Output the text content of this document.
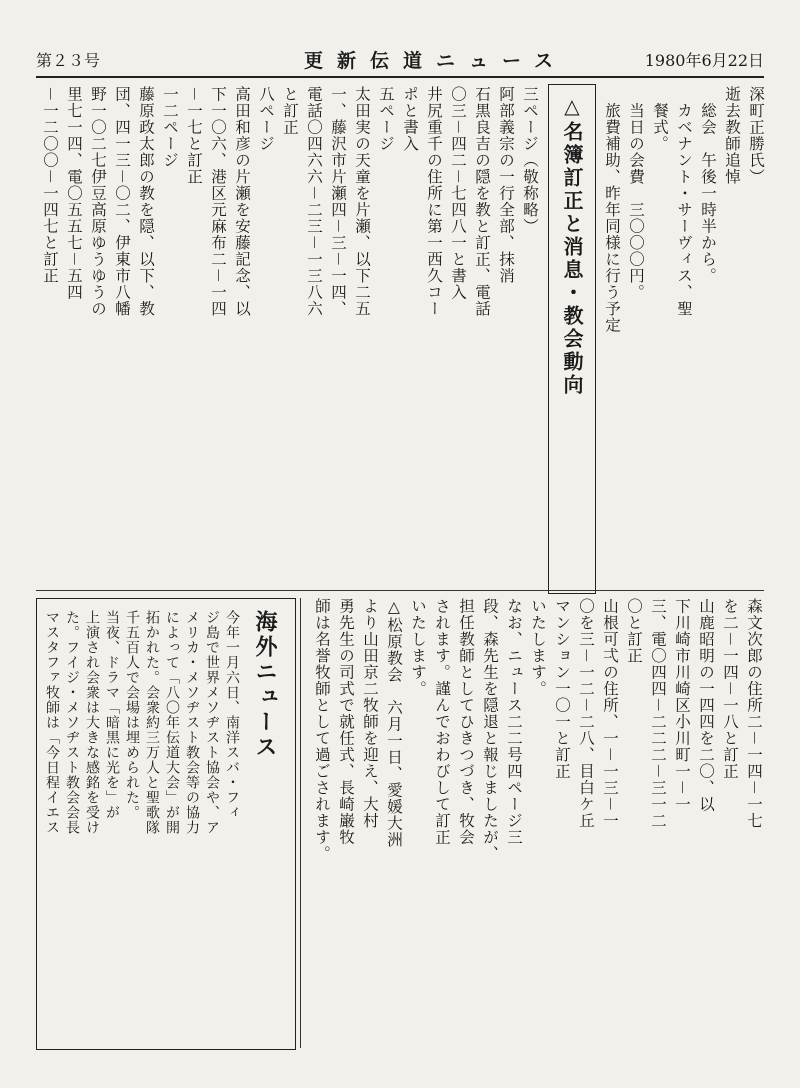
第２３号	更新伝道ニュース	1980年6月22日
深町正勝氏）
逝去教師追悼
　総会　午後一時半から。
　カベナント・サーヴィス、聖
　餐式。
　当日の会費　三〇〇〇円。
　旅費補助、昨年同様に行う予定
△名簿訂正と消息・教会動向

三ページ（敬称略）
阿部義宗の一行全部、抹消
石黒良吉の隠を教と訂正、電話
〇三－四二－七四八一と書入
井尻重千の住所に第一西久コー
ポと書入
五ページ
太田実の天童を片瀬、以下二五
一、藤沢市片瀬四－三－一四、
電話〇四六六－二三－一三八六
と訂正
八ページ
高田和彦の片瀬を安藤記念、以
下一〇六、港区元麻布二－一四
－一七と訂正
一二ページ
藤原政太郎の教を隠、以下、教
団、四一三－〇二、伊東市八幡
野一〇二七伊豆高原ゆうゆうの
里七一四、電〇五五七－五四
－一二〇〇－一四七と訂正

森文次郎の住所二－一四－一七
を二－一四－一八と訂正
山鹿昭明の一四四を二〇、以
下川崎市川崎区小川町一－一
三、電〇四四－二二二－三一二
〇と訂正
山根可弌の住所、一－一三－一
〇を三－一二－二八、目白ケ丘
マンション一〇一と訂正
いたします。
なお、ニュース二二号四ページ三
段、森先生を隠退と報じましたが、
担任教師としてひきつづき、牧会
されます。謹んでおわびして訂正
いたします。
△松原教会　六月一日、愛媛大洲
より山田京二牧師を迎え、大村
勇先生の司式で就任式、長崎巌牧
師は名誉牧師として過ごされます。

海外ニュース
今年一月六日、南洋スバ・フィ
ジ島で世界メソヂスト協会や、ア
メリカ・メソヂスト教会等の協力
によって「八〇年伝道大会」が開
拓かれた。会衆約三万人と聖歌隊
千五百人で会場は埋められた。
当夜、ドラマ「暗黒に光を」が
上演され会衆は大きな感銘を受け
た。フイジ・メソヂスト教会会長
マスタファ牧師は「今日程イエス
